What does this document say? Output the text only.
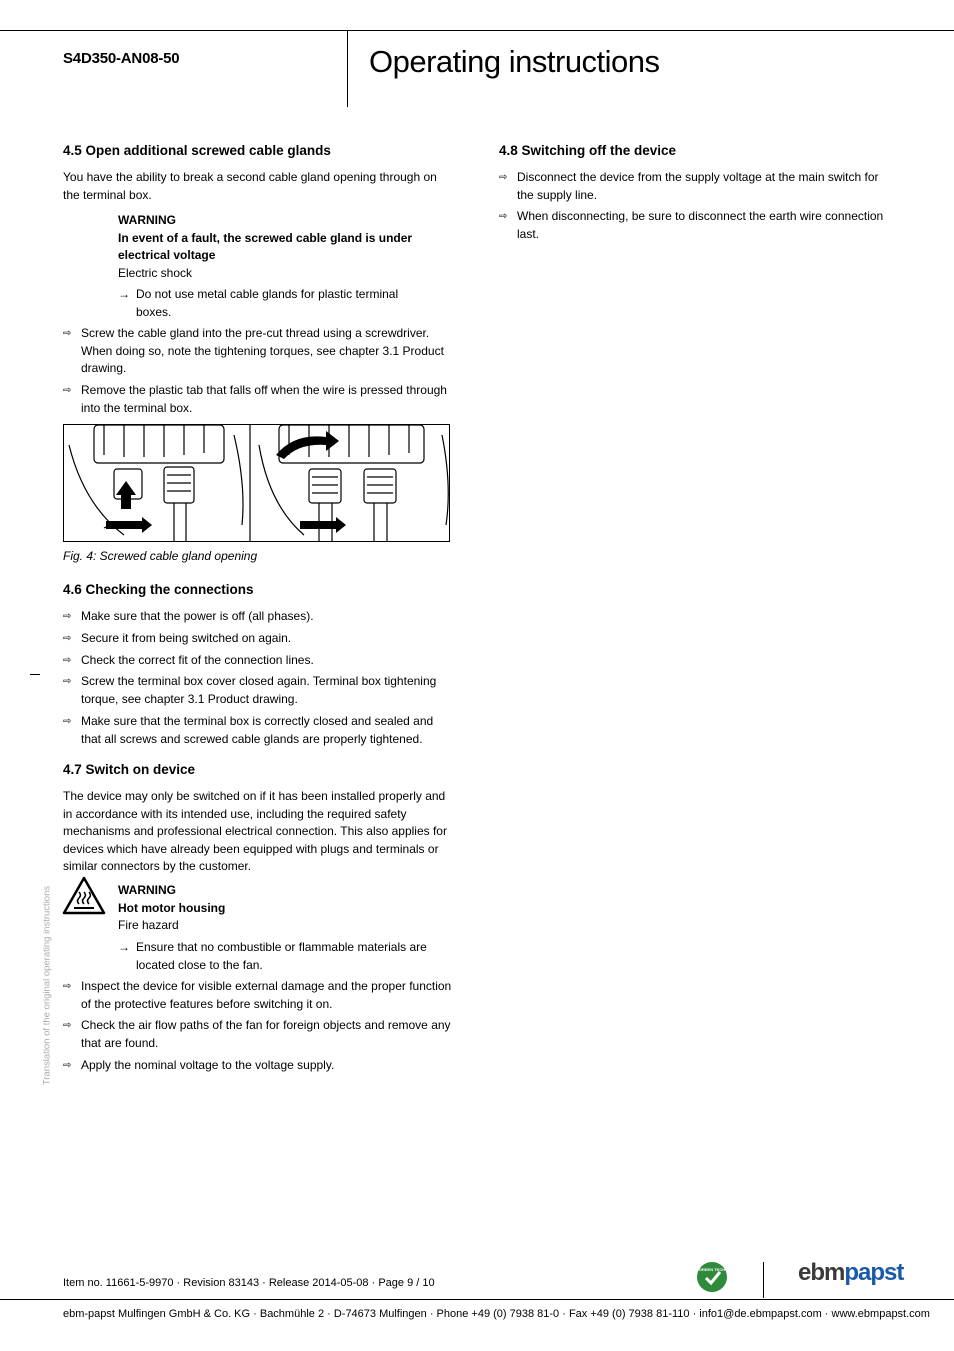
S4D350-AN08-50	Operating instructions
4.5 Open additional screwed cable glands
You have the ability to break a second cable gland opening through on
the terminal box.
WARNING
In event of a fault, the screwed cable gland is under
electrical voltage
Electric shock
→ Do not use metal cable glands for plastic terminal
boxes.
⇨ Screw the cable gland into the pre-cut thread using a screwdriver.
When doing so, note the tightening torques, see chapter 3.1 Product
drawing.
⇨ Remove the plastic tab that falls off when the wire is pressed through
into the terminal box.
Fig. 4: Screwed cable gland opening
4.6 Checking the connections
⇨ Make sure that the power is off (all phases).
⇨ Secure it from being switched on again.
⇨ Check the correct fit of the connection lines.
⇨ Screw the terminal box cover closed again. Terminal box tightening
torque, see chapter 3.1 Product drawing.
⇨ Make sure that the terminal box is correctly closed and sealed and
that all screws and screwed cable glands are properly tightened.
4.7 Switch on device
The device may only be switched on if it has been installed properly and
in accordance with its intended use, including the required safety
mechanisms and professional electrical connection. This also applies for
devices which have already been equipped with plugs and terminals or
similar connectors by the customer.
WARNING
Hot motor housing
Fire hazard
→ Ensure that no combustible or flammable materials are
located close to the fan.
⇨ Inspect the device for visible external damage and the proper function
of the protective features before switching it on.
⇨ Check the air flow paths of the fan for foreign objects and remove any
that are found.
⇨ Apply the nominal voltage to the voltage supply.
4.8 Switching off the device
⇨ Disconnect the device from the supply voltage at the main switch for
the supply line.
⇨ When disconnecting, be sure to disconnect the earth wire connection
last.
Translation of the original operating instructions
Item no. 11661-5-9970 · Revision 83143 · Release 2014-05-08 · Page 9 / 10
GREEN TECH	ebmpapst
ebm-papst Mulfingen GmbH & Co. KG · Bachmühle 2 · D-74673 Mulfingen · Phone +49 (0) 7938 81-0 · Fax +49 (0) 7938 81-110 · info1@de.ebmpapst.com · www.ebmpapst.com
